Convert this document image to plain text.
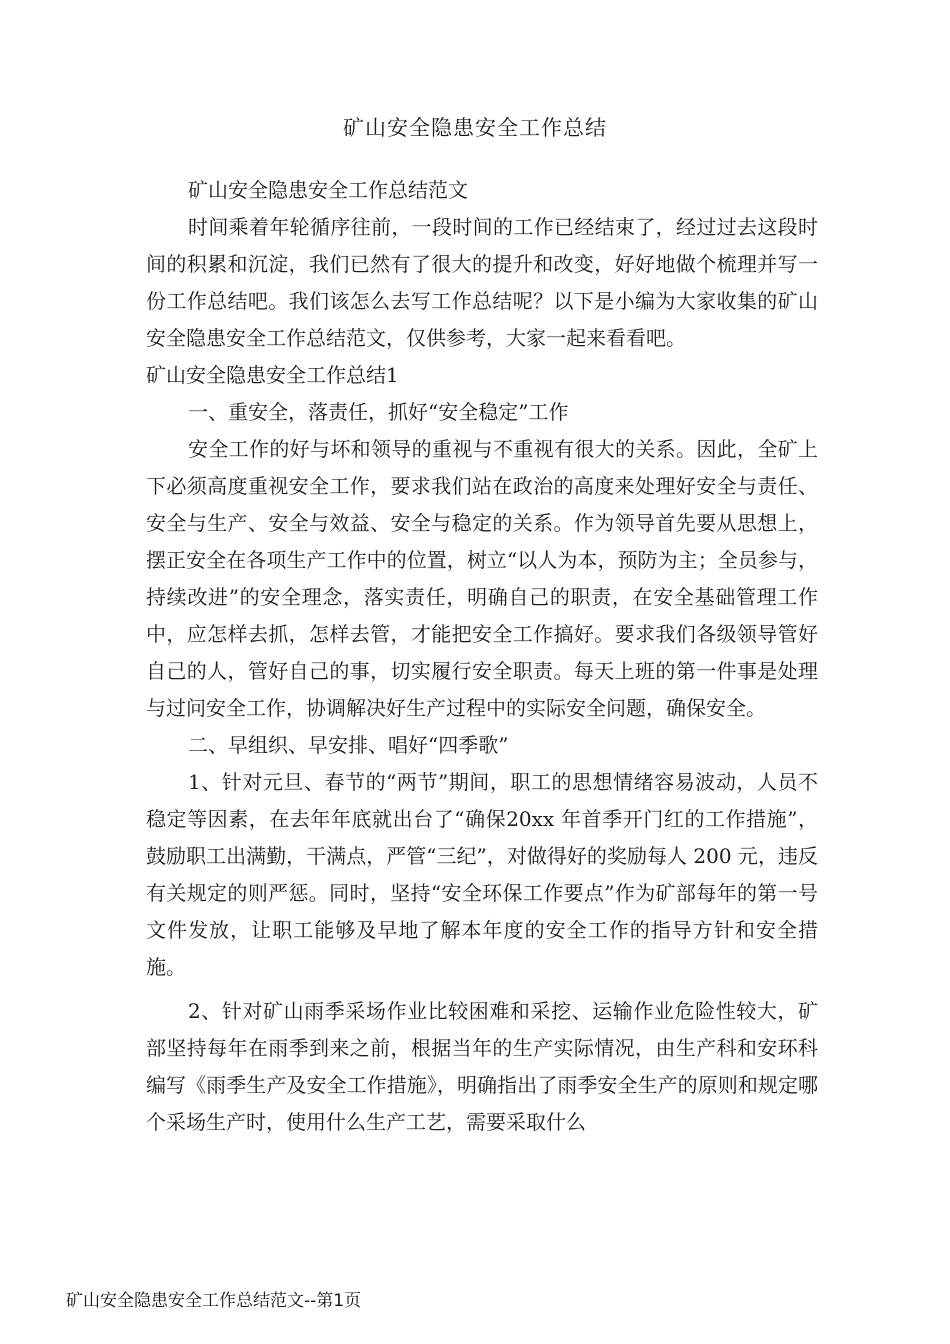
矿山安全隐患安全工作总结

矿山安全隐患安全工作总结范文

时间乘着年轮循序往前，一段时间的工作已经结束了，经过过去这段时间的积累和沉淀，我们已然有了很大的提升和改变，好好地做个梳理并写一份工作总结吧。我们该怎么去写工作总结呢？以下是小编为大家收集的矿山安全隐患安全工作总结范文，仅供参考，大家一起来看看吧。

矿山安全隐患安全工作总结1

一、重安全，落责任，抓好“安全稳定”工作

安全工作的好与坏和领导的重视与不重视有很大的关系。因此，全矿上下必须高度重视安全工作，要求我们站在政治的高度来处理好安全与责任、安全与生产、安全与效益、安全与稳定的关系。作为领导首先要从思想上，摆正安全在各项生产工作中的位置，树立“以人为本，预防为主；全员参与，持续改进”的安全理念，落实责任，明确自己的职责，在安全基础管理工作中，应怎样去抓，怎样去管，才能把安全工作搞好。要求我们各级领导管好自己的人，管好自己的事，切实履行安全职责。每天上班的第一件事是处理与过问安全工作，协调解决好生产过程中的实际安全问题，确保安全。

二、早组织、早安排、唱好“四季歌”

1、针对元旦、春节的“两节”期间，职工的思想情绪容易波动，人员不稳定等因素，在去年年底就出台了“确保20xx 年首季开门红的工作措施”，鼓励职工出满勤，干满点，严管“三纪”，对做得好的奖励每人 200 元，违反有关规定的则严惩。同时，坚持“安全环保工作要点”作为矿部每年的第一号文件发放，让职工能够及早地了解本年度的安全工作的指导方针和安全措施。

2、针对矿山雨季采场作业比较困难和采挖、运输作业危险性较大，矿部坚持每年在雨季到来之前，根据当年的生产实际情况，由生产科和安环科编写《雨季生产及安全工作措施》，明确指出了雨季安全生产的原则和规定哪个采场生产时，使用什么生产工艺，需要采取什么

矿山安全隐患安全工作总结范文--第1页
